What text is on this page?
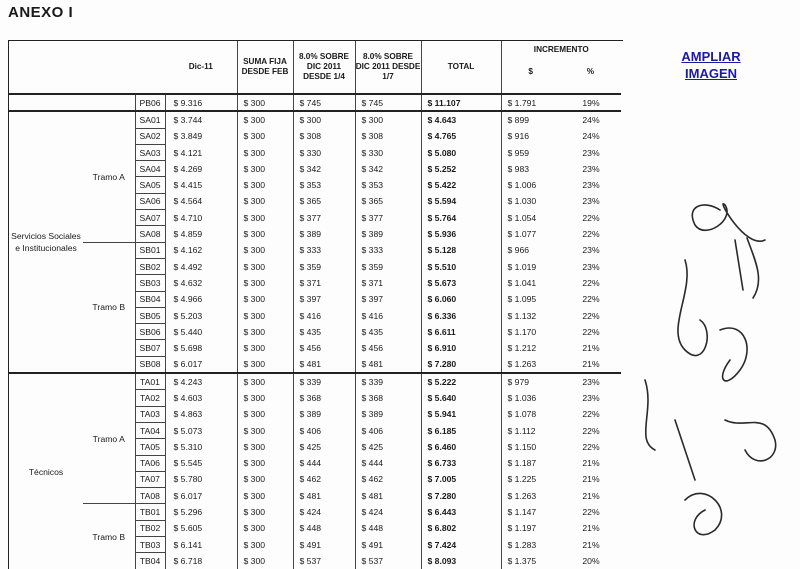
ANEXO I
			Dic-11	SUMA FIJA DESDE FEB	8.0% SOBRE DIC 2011 DESDE 1/4	8.0% SOBRE DIC 2011 DESDE 1/7	TOTAL	INCREMENTO
$ %	

		PB06	$ 9.316	$ 300	$ 745	$ 745	$ 11.107	$ 1.791	19%
Servicios Sociales e Institucionales	Tramo A	SA01	$ 3.744	$ 300	$ 300	$ 300	$ 4.643	$ 899	24%
		SA02	$ 3.849	$ 300	$ 308	$ 308	$ 4.765	$ 916	24%
		SA03	$ 4.121	$ 300	$ 330	$ 330	$ 5.080	$ 959	23%
		SA04	$ 4.269	$ 300	$ 342	$ 342	$ 5.252	$ 983	23%
		SA05	$ 4.415	$ 300	$ 353	$ 353	$ 5.422	$ 1.006	23%
		SA06	$ 4.564	$ 300	$ 365	$ 365	$ 5.594	$ 1.030	23%
		SA07	$ 4.710	$ 300	$ 377	$ 377	$ 5.764	$ 1.054	22%
		SA08	$ 4.859	$ 300	$ 389	$ 389	$ 5.936	$ 1.077	22%
	Tramo B	SB01	$ 4.162	$ 300	$ 333	$ 333	$ 5.128	$ 966	23%
		SB02	$ 4.492	$ 300	$ 359	$ 359	$ 5.510	$ 1.019	23%
		SB03	$ 4.632	$ 300	$ 371	$ 371	$ 5.673	$ 1.041	22%
		SB04	$ 4.966	$ 300	$ 397	$ 397	$ 6.060	$ 1.095	22%
		SB05	$ 5.203	$ 300	$ 416	$ 416	$ 6.336	$ 1.132	22%
		SB06	$ 5.440	$ 300	$ 435	$ 435	$ 6.611	$ 1.170	22%
		SB07	$ 5.698	$ 300	$ 456	$ 456	$ 6.910	$ 1.212	21%
		SB08	$ 6.017	$ 300	$ 481	$ 481	$ 7.280	$ 1.263	21%
Técnicos	Tramo A	TA01	$ 4.243	$ 300	$ 339	$ 339	$ 5.222	$ 979	23%
		TA02	$ 4.603	$ 300	$ 368	$ 368	$ 5.640	$ 1.036	23%
		TA03	$ 4.863	$ 300	$ 389	$ 389	$ 5.941	$ 1.078	22%
		TA04	$ 5.073	$ 300	$ 406	$ 406	$ 6.185	$ 1.112	22%
		TA05	$ 5.310	$ 300	$ 425	$ 425	$ 6.460	$ 1.150	22%
		TA06	$ 5.545	$ 300	$ 444	$ 444	$ 6.733	$ 1.187	21%
		TA07	$ 5.780	$ 300	$ 462	$ 462	$ 7.005	$ 1.225	21%
		TA08	$ 6.017	$ 300	$ 481	$ 481	$ 7.280	$ 1.263	21%
	Tramo B	TB01	$ 5.296	$ 300	$ 424	$ 424	$ 6.443	$ 1.147	22%
		TB02	$ 5.605	$ 300	$ 448	$ 448	$ 6.802	$ 1.197	21%
		TB03	$ 6.141	$ 300	$ 491	$ 491	$ 7.424	$ 1.283	21%
		TB04	$ 6.718	$ 300	$ 537	$ 537	$ 8.093	$ 1.375	20%
AMPLIAR
IMAGEN
